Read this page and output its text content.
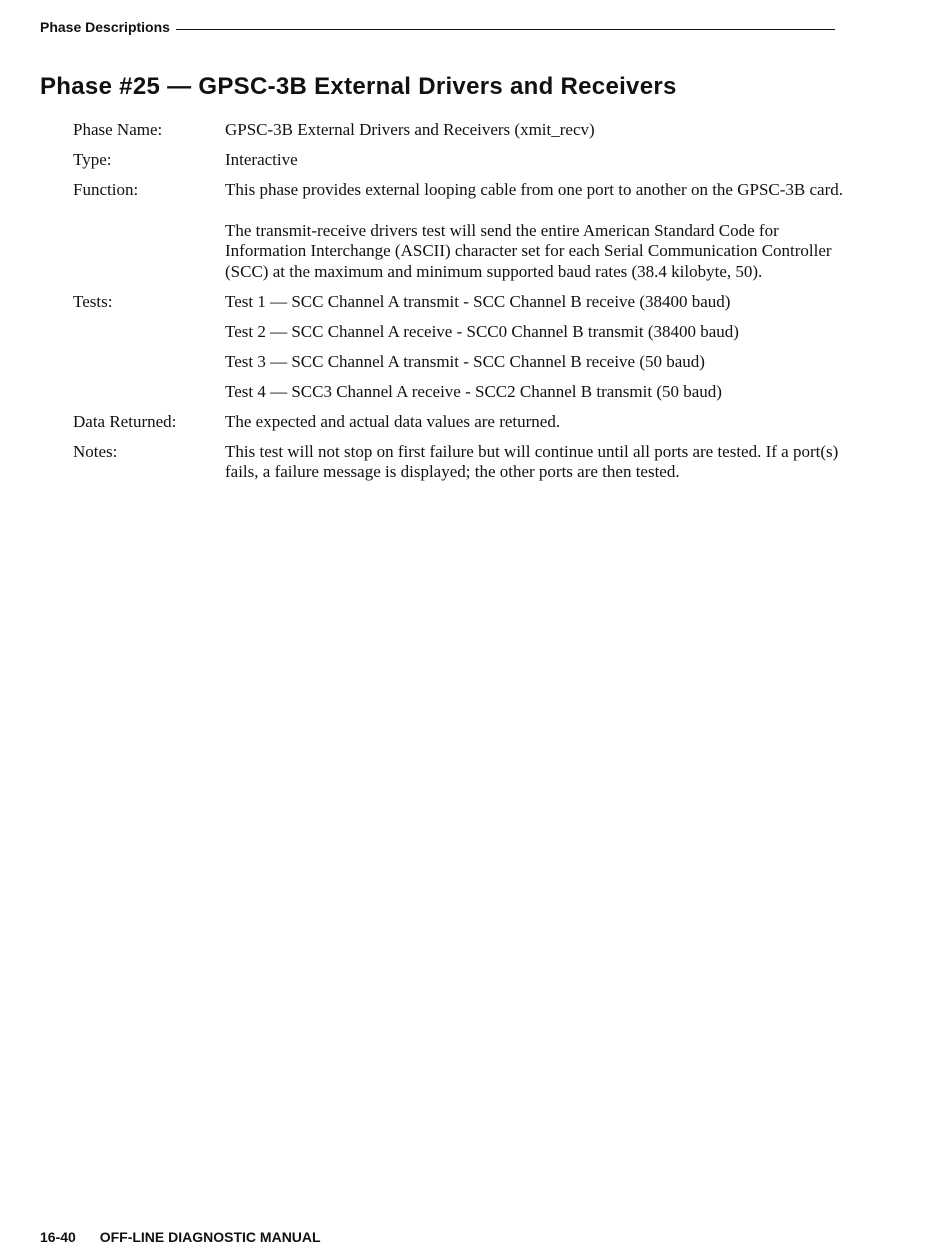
Phase Descriptions
Phase #25 — GPSC-3B External Drivers and Receivers
Phase Name:	GPSC-3B External Drivers and Receivers (xmit_recv)
Type:	Interactive
Function:	This phase provides external looping cable from one port to another on the GPSC-3B card.

The transmit-receive drivers test will send the entire American Standard Code for Information Interchange (ASCII) character set for each Serial Communication Controller (SCC) at the maximum and minimum supported baud rates (38.4 kilobyte, 50).

Tests:	Test 1 — SCC Channel A transmit - SCC Channel B receive (38400 baud)

Test 2 — SCC Channel A receive - SCC0 Channel B transmit (38400 baud)

Test 3 — SCC Channel A transmit - SCC Channel B receive (50 baud)

Test 4 — SCC3 Channel A receive - SCC2 Channel B transmit (50 baud)

Data Returned:	The expected and actual data values are returned.
Notes:	This test will not stop on first failure but will continue until all ports are tested. If a port(s) fails, a failure message is displayed; the other ports are then tested.
16-40 OFF-LINE DIAGNOSTIC MANUAL
